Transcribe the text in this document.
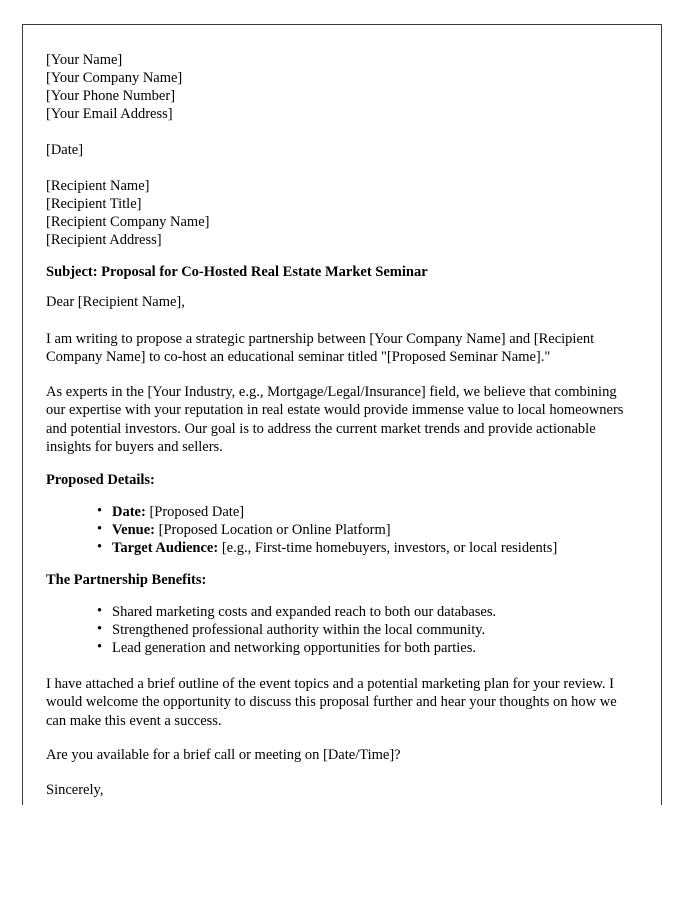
[Your Name]
[Your Company Name]
[Your Phone Number]
[Your Email Address]
[Date]
[Recipient Name]
[Recipient Title]
[Recipient Company Name]
[Recipient Address]
Subject: Proposal for Co-Hosted Real Estate Market Seminar
Dear [Recipient Name],
I am writing to propose a strategic partnership between [Your Company Name] and [Recipient Company Name] to co-host an educational seminar titled "[Proposed Seminar Name]."
As experts in the [Your Industry, e.g., Mortgage/Legal/Insurance] field, we believe that combining our expertise with your reputation in real estate would provide immense value to local homeowners and potential investors. Our goal is to address the current market trends and provide actionable insights for buyers and sellers.
Proposed Details:
• Date: [Proposed Date]
• Venue: [Proposed Location or Online Platform]
• Target Audience: [e.g., First-time homebuyers, investors, or local residents]
The Partnership Benefits:
• Shared marketing costs and expanded reach to both our databases.
• Strengthened professional authority within the local community.
• Lead generation and networking opportunities for both parties.
I have attached a brief outline of the event topics and a potential marketing plan for your review. I would welcome the opportunity to discuss this proposal further and hear your thoughts on how we can make this event a success.
Are you available for a brief call or meeting on [Date/Time]?
Sincerely,
